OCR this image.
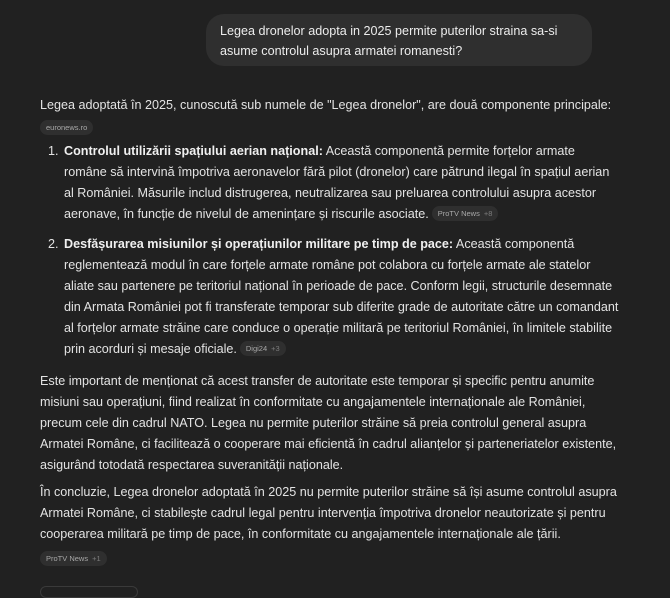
Legea dronelor adopta in 2025 permite puterilor straina sa-si asume controlul asupra armatei romanesti?

Legea adoptată în 2025, cunoscută sub numele de "Legea dronelor", are două componente principale:

euronews.ro
1. Controlul utilizării spațiului aerian național: Această componentă permite forțelor armate române să intervină împotriva aeronavelor fără pilot (dronelor) care pătrund ilegal în spațiul aerian al României. Măsurile includ distrugerea, neutralizarea sau preluarea controlului asupra acestor aeronave, în funcție de nivelul de amenințare și riscurile asociate. ProTV News +8
2. Desfășurarea misiunilor și operațiunilor militare pe timp de pace: Această componentă reglementează modul în care forțele armate române pot colabora cu forțele armate ale statelor aliate sau partenere pe teritoriul național în perioade de pace. Conform legii, structurile desemnate din Armata României pot fi transferate temporar sub diferite grade de autoritate către un comandant al forțelor armate străine care conduce o operație militară pe teritoriul României, în limitele stabilite prin acorduri și mesaje oficiale. Digi24 +3

Este important de menționat că acest transfer de autoritate este temporar și specific pentru anumite misiuni sau operațiuni, fiind realizat în conformitate cu angajamentele internaționale ale României, precum cele din cadrul NATO. Legea nu permite puterilor străine să preia controlul general asupra Armatei Române, ci facilitează o cooperare mai eficientă în cadrul alianțelor și parteneriatelor existente, asigurând totodată respectarea suveranității naționale.

În concluzie, Legea dronelor adoptată în 2025 nu permite puterilor străine să își asume controlul asupra Armatei Române, ci stabilește cadrul legal pentru intervenția împotriva dronelor neautorizate și pentru cooperarea militară pe timp de pace, în conformitate cu angajamentele internaționale ale țării.

ProTV News +1
